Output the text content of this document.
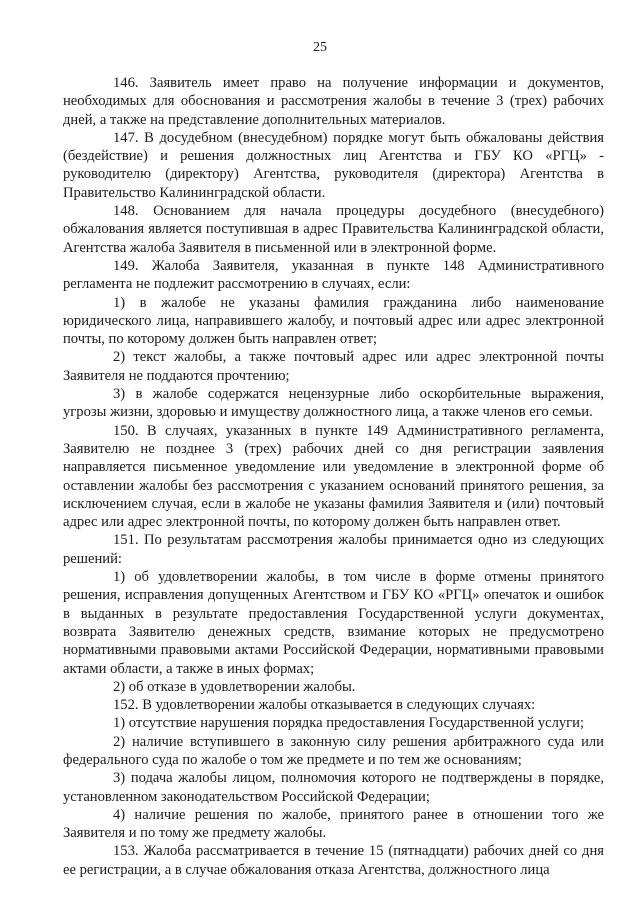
25

146. Заявитель имеет право на получение информации и документов, необходимых для обоснования и рассмотрения жалобы в течение 3 (трех) рабочих дней, а также на представление дополнительных материалов.

147. В досудебном (внесудебном) порядке могут быть обжалованы действия (бездействие) и решения должностных лиц Агентства и ГБУ КО «РГЦ» - руководителю (директору) Агентства, руководителя (директора) Агентства в Правительство Калининградской области.

148. Основанием для начала процедуры досудебного (внесудебного) обжалования является поступившая в адрес Правительства Калининградской области, Агентства жалоба Заявителя в письменной или в электронной форме.

149. Жалоба Заявителя, указанная в пункте 148 Административного регламента не подлежит рассмотрению в случаях, если:

1) в жалобе не указаны фамилия гражданина либо наименование юридического лица, направившего жалобу, и почтовый адрес или адрес электронной почты, по которому должен быть направлен ответ;

2) текст жалобы, а также почтовый адрес или адрес электронной почты Заявителя не поддаются прочтению;

3) в жалобе содержатся нецензурные либо оскорбительные выражения, угрозы жизни, здоровью и имуществу должностного лица, а также членов его семьи.

150. В случаях, указанных в пункте 149 Административного регламента, Заявителю не позднее 3 (трех) рабочих дней со дня регистрации заявления направляется письменное уведомление или уведомление в электронной форме об оставлении жалобы без рассмотрения с указанием оснований принятого решения, за исключением случая, если в жалобе не указаны фамилия Заявителя и (или) почтовый адрес или адрес электронной почты, по которому должен быть направлен ответ.

151. По результатам рассмотрения жалобы принимается одно из следующих решений:

1) об удовлетворении жалобы, в том числе в форме отмены принятого решения, исправления допущенных Агентством и ГБУ КО «РГЦ» опечаток и ошибок в выданных в результате предоставления Государственной услуги документах, возврата Заявителю денежных средств, взимание которых не предусмотрено нормативными правовыми актами Российской Федерации, нормативными правовыми актами области, а также в иных формах;

2) об отказе в удовлетворении жалобы.

152. В удовлетворении жалобы отказывается в следующих случаях:

1) отсутствие нарушения порядка предоставления Государственной услуги;

2) наличие вступившего в законную силу решения арбитражного суда или федерального суда по жалобе о том же предмете и по тем же основаниям;

3) подача жалобы лицом, полномочия которого не подтверждены в порядке, установленном законодательством Российской Федерации;

4) наличие решения по жалобе, принятого ранее в отношении того же Заявителя и по тому же предмету жалобы.

153. Жалоба рассматривается в течение 15 (пятнадцати) рабочих дней со дня ее регистрации, а в случае обжалования отказа Агентства, должностного лица
